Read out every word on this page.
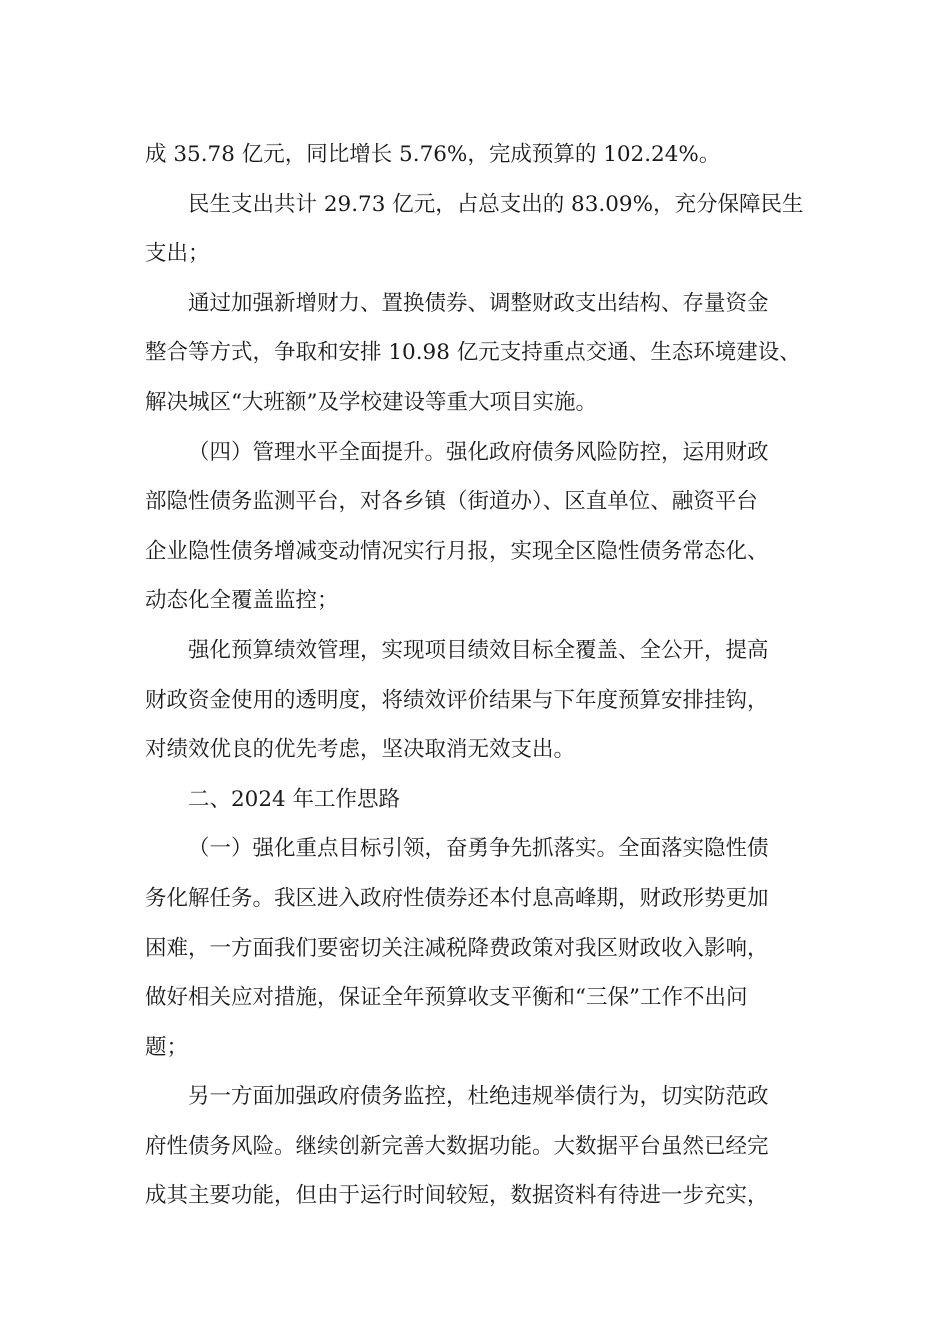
成 35.78 亿元，同比增长 5.76%，完成预算的 102.24%。
民生支出共计 29.73 亿元，占总支出的 83.09%，充分保障民生
支出；
通过加强新增财力、置换债券、调整财政支出结构、存量资金
整合等方式，争取和安排 10.98 亿元支持重点交通、生态环境建设、
解决城区“大班额”及学校建设等重大项目实施。
（四）管理水平全面提升。强化政府债务风险防控，运用财政
部隐性债务监测平台，对各乡镇（街道办）、区直单位、融资平台
企业隐性债务增减变动情况实行月报，实现全区隐性债务常态化、
动态化全覆盖监控；
强化预算绩效管理，实现项目绩效目标全覆盖、全公开，提高
财政资金使用的透明度，将绩效评价结果与下年度预算安排挂钩，
对绩效优良的优先考虑，坚决取消无效支出。
二、2024 年工作思路
（一）强化重点目标引领，奋勇争先抓落实。全面落实隐性债
务化解任务。我区进入政府性债券还本付息高峰期，财政形势更加
困难，一方面我们要密切关注减税降费政策对我区财政收入影响，
做好相关应对措施，保证全年预算收支平衡和“三保”工作不出问
题；
另一方面加强政府债务监控，杜绝违规举债行为，切实防范政
府性债务风险。继续创新完善大数据功能。大数据平台虽然已经完
成其主要功能，但由于运行时间较短，数据资料有待进一步充实，
